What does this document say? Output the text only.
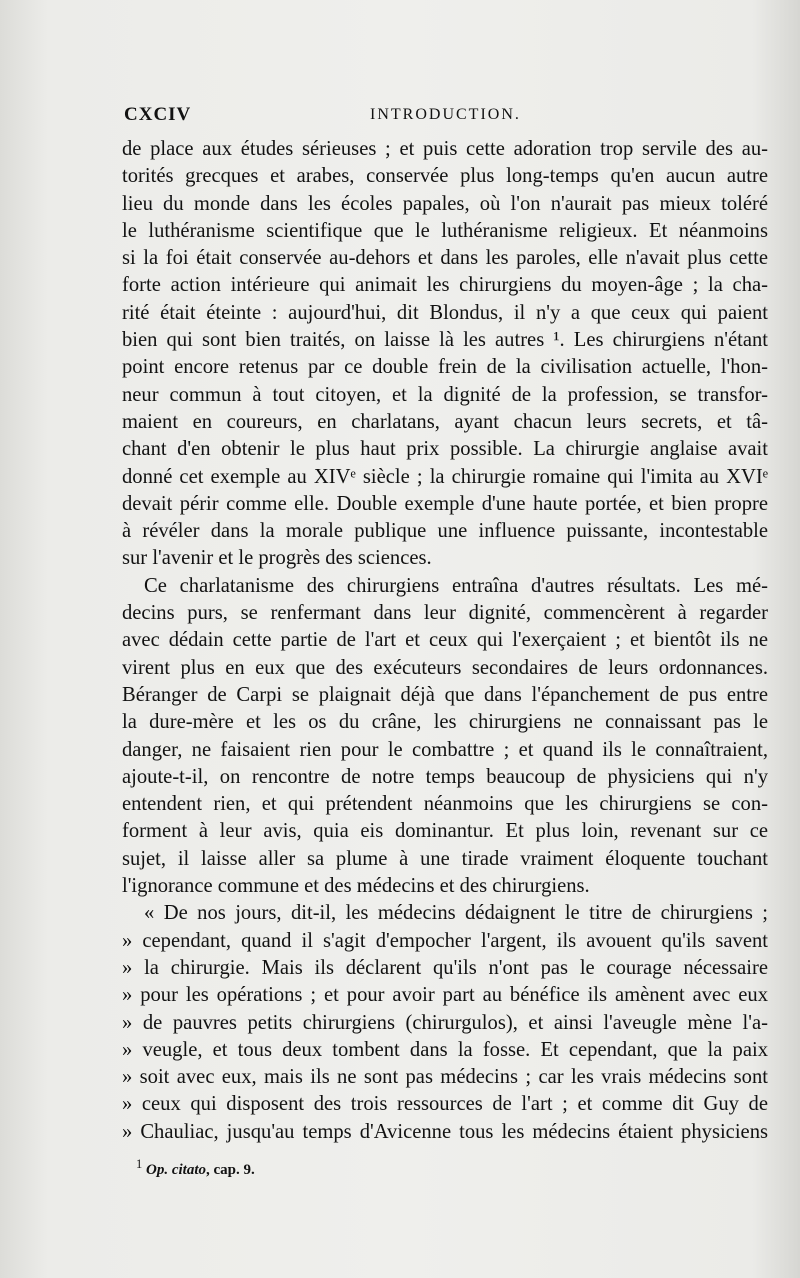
CXCIV	INTRODUCTION.
de place aux études sérieuses ; et puis cette adoration trop servile des au-
torités grecques et arabes, conservée plus long-temps qu'en aucun autre
lieu du monde dans les écoles papales, où l'on n'aurait pas mieux toléré
le luthéranisme scientifique que le luthéranisme religieux. Et néanmoins
si la foi était conservée au-dehors et dans les paroles, elle n'avait plus cette
forte action intérieure qui animait les chirurgiens du moyen-âge ; la cha-
rité était éteinte : aujourd'hui, dit Blondus, il n'y a que ceux qui paient
bien qui sont bien traités, on laisse là les autres ¹. Les chirurgiens n'étant
point encore retenus par ce double frein de la civilisation actuelle, l'hon-
neur commun à tout citoyen, et la dignité de la profession, se transfor-
maient en coureurs, en charlatans, ayant chacun leurs secrets, et tâ-
chant d'en obtenir le plus haut prix possible. La chirurgie anglaise avait
donné cet exemple au XIVᵉ siècle ; la chirurgie romaine qui l'imita au XVIᵉ
devait périr comme elle. Double exemple d'une haute portée, et bien propre
à révéler dans la morale publique une influence puissante, incontestable
sur l'avenir et le progrès des sciences.
Ce charlatanisme des chirurgiens entraîna d'autres résultats. Les mé-
decins purs, se renfermant dans leur dignité, commencèrent à regarder
avec dédain cette partie de l'art et ceux qui l'exerçaient ; et bientôt ils ne
virent plus en eux que des exécuteurs secondaires de leurs ordonnances.
Béranger de Carpi se plaignait déjà que dans l'épanchement de pus entre
la dure-mère et les os du crâne, les chirurgiens ne connaissant pas le
danger, ne faisaient rien pour le combattre ; et quand ils le connaîtraient,
ajoute-t-il, on rencontre de notre temps beaucoup de physiciens qui n'y
entendent rien, et qui prétendent néanmoins que les chirurgiens se con-
forment à leur avis, quia eis dominantur. Et plus loin, revenant sur ce
sujet, il laisse aller sa plume à une tirade vraiment éloquente touchant
l'ignorance commune et des médecins et des chirurgiens.
« De nos jours, dit-il, les médecins dédaignent le titre de chirurgiens ;
» cependant, quand il s'agit d'empocher l'argent, ils avouent qu'ils savent
» la chirurgie. Mais ils déclarent qu'ils n'ont pas le courage nécessaire
» pour les opérations ; et pour avoir part au bénéfice ils amènent avec eux
» de pauvres petits chirurgiens (chirurgulos), et ainsi l'aveugle mène l'a-
» veugle, et tous deux tombent dans la fosse. Et cependant, que la paix
» soit avec eux, mais ils ne sont pas médecins ; car les vrais médecins sont
» ceux qui disposent des trois ressources de l'art ; et comme dit Guy de
» Chauliac, jusqu'au temps d'Avicenne tous les médecins étaient physiciens
$^1$ Op. citato, cap. 9.
